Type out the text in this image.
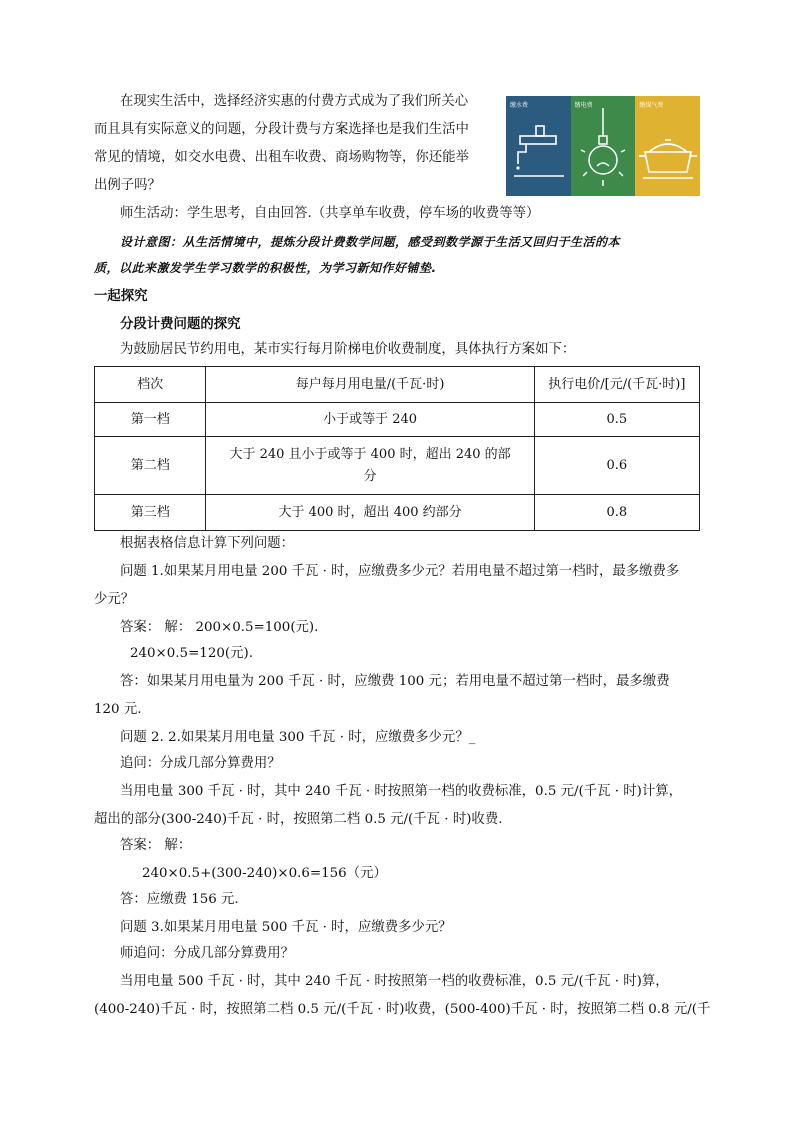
在现实生活中，选择经济实惠的付费方式成为了我们所关心
而且具有实际意义的问题，分段计费与方案选择也是我们生活中
常见的情境，如交水电费、出租车收费、商场购物等，你还能举
出例子吗？
缴水费	缴电费	缴煤气费
师生活动：学生思考，自由回答.（共享单车收费，停车场的收费等等）
设计意图：从生活情境中，提炼分段计费数学问题，感受到数学源于生活又回归于生活的本
质，以此来激发学生学习数学的积极性，为学习新知作好铺垫.
一起探究
分段计费问题的探究
为鼓励居民节约用电，某市实行每月阶梯电价收费制度，具体执行方案如下：
档次	每户每月用电量/(千瓦·时)	执行电价/[元/(千瓦·时)]
第一档	小于或等于 240	0.5
第二档	大于 240 且小于或等于 400 时，超出 240 的部
分	0.6
第三档	大于 400 时，超出 400 约部分	0.8
根据表格信息计算下列问题：
问题 1.如果某月用电量 200 千瓦 · 时，应缴费多少元？若用电量不超过第一档时，最多缴费多
少元？
答案： 解： 200×0.5=100(元).
240×0.5=120(元).
答：如果某月用电量为 200 千瓦 · 时，应缴费 100 元；若用电量不超过第一档时，最多缴费
120 元.
问题 2. 2.如果某月用电量 300 千瓦 · 时，应缴费多少元？_
追问：分成几部分算费用？
当用电量 300 千瓦 · 时，其中 240 千瓦 · 时按照第一档的收费标准，0.5 元/(千瓦 · 时)计算，
超出的部分(300-240)千瓦 · 时，按照第二档 0.5 元/(千瓦 · 时)收费.
答案： 解：
240×0.5+(300-240)×0.6=156（元）
答：应缴费 156 元.
问题 3.如果某月用电量 500 千瓦 · 时，应缴费多少元？
师追问：分成几部分算费用？
当用电量 500 千瓦 · 时，其中 240 千瓦 · 时按照第一档的收费标准，0.5 元/(千瓦 · 时)算，
(400-240)千瓦 · 时，按照第二档 0.5 元/(千瓦 · 时)收费，(500-400)千瓦 · 时，按照第二档 0.8 元/(千
